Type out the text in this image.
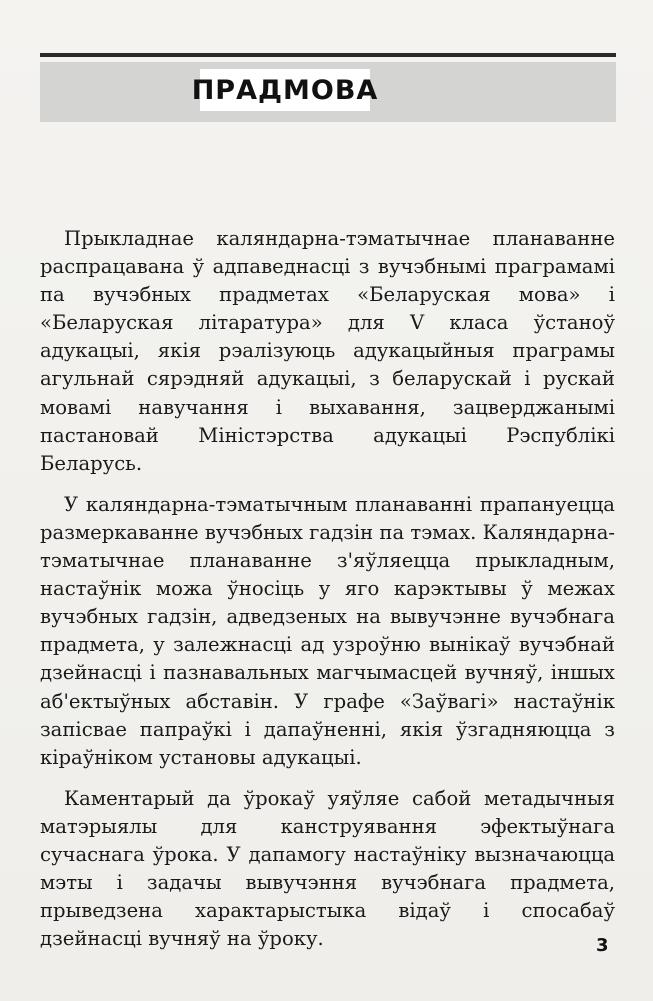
ПРАДМОВА

Прыкладнае каляндарна-тэматычнае планаванне распрацавана ў адпаведнасці з вучэбнымі праграмамі па вучэбных прадметах «Беларуская мова» і «Беларуская літаратура» для V класа ўстаноў адукацыі, якія рэалізуюць адукацыйныя праграмы агульнай сярэдняй адукацыі, з беларускай і рускай мовамі навучання і выхавання, зацверджанымі пастановай Міністэрства адукацыі Рэспублікі Беларусь.

У каляндарна-тэматычным планаванні прапануецца размеркаванне вучэбных гадзін па тэмах. Каляндарна-тэматычнае планаванне з'яўляецца прыкладным, настаўнік можа ўносіць у яго карэктывы ў межах вучэбных гадзін, адведзеных на вывучэнне вучэбнага прадмета, у залежнасці ад узроўню вынікаў вучэбнай дзейнасці і пазнавальных магчымасцей вучняў, іншых аб'ектыўных абставін. У графе «Заўвагі» настаўнік запісвае папраўкі і дапаўненні, якія ўзгадняюцца з кіраўніком установы адукацыі.

Каментарый да ўрокаў уяўляе сабой метадычныя матэрыялы для канструявання эфектыўнага сучаснага ўрока. У дапамогу настаўніку вызначаюцца мэты і задачы вывучэння вучэбнага прадмета, прыведзена характарыстыка відаў і спосабаў дзейнасці вучняў на ўроку.	3
